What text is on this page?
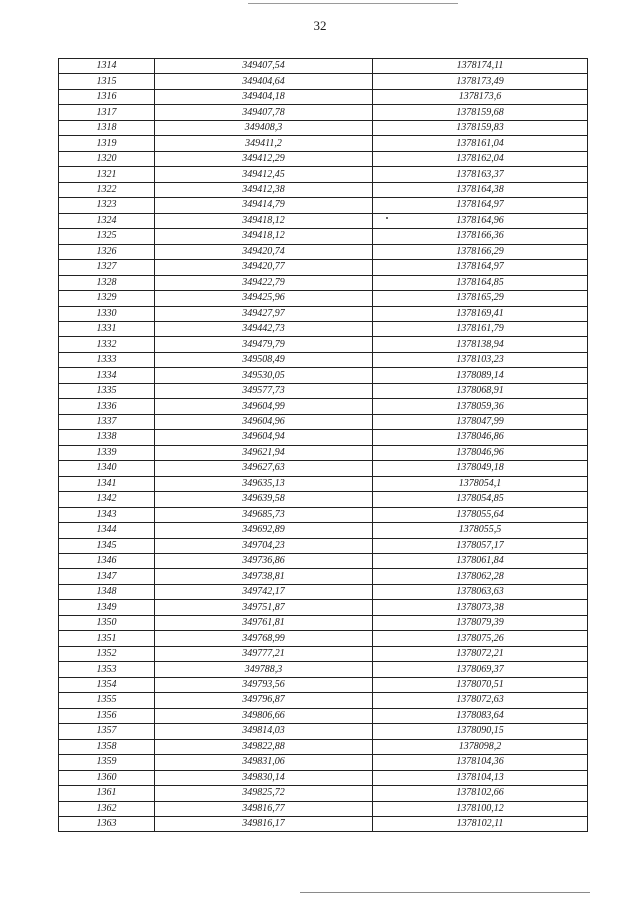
32
1314	349407,54	1378174,11
1315	349404,64	1378173,49
1316	349404,18	1378173,6
1317	349407,78	1378159,68
1318	349408,3	1378159,83
1319	349411,2	1378161,04
1320	349412,29	1378162,04
1321	349412,45	1378163,37
1322	349412,38	1378164,38
1323	349414,79	1378164,97
1324	349418,12	1378164,96
1325	349418,12	1378166,36
1326	349420,74	1378166,29
1327	349420,77	1378164,97
1328	349422,79	1378164,85
1329	349425,96	1378165,29
1330	349427,97	1378169,41
1331	349442,73	1378161,79
1332	349479,79	1378138,94
1333	349508,49	1378103,23
1334	349530,05	1378089,14
1335	349577,73	1378068,91
1336	349604,99	1378059,36
1337	349604,96	1378047,99
1338	349604,94	1378046,86
1339	349621,94	1378046,96
1340	349627,63	1378049,18
1341	349635,13	1378054,1
1342	349639,58	1378054,85
1343	349685,73	1378055,64
1344	349692,89	1378055,5
1345	349704,23	1378057,17
1346	349736,86	1378061,84
1347	349738,81	1378062,28
1348	349742,17	1378063,63
1349	349751,87	1378073,38
1350	349761,81	1378079,39
1351	349768,99	1378075,26
1352	349777,21	1378072,21
1353	349788,3	1378069,37
1354	349793,56	1378070,51
1355	349796,87	1378072,63
1356	349806,66	1378083,64
1357	349814,03	1378090,15
1358	349822,88	1378098,2
1359	349831,06	1378104,36
1360	349830,14	1378104,13
1361	349825,72	1378102,66
1362	349816,77	1378100,12
1363	349816,17	1378102,11
